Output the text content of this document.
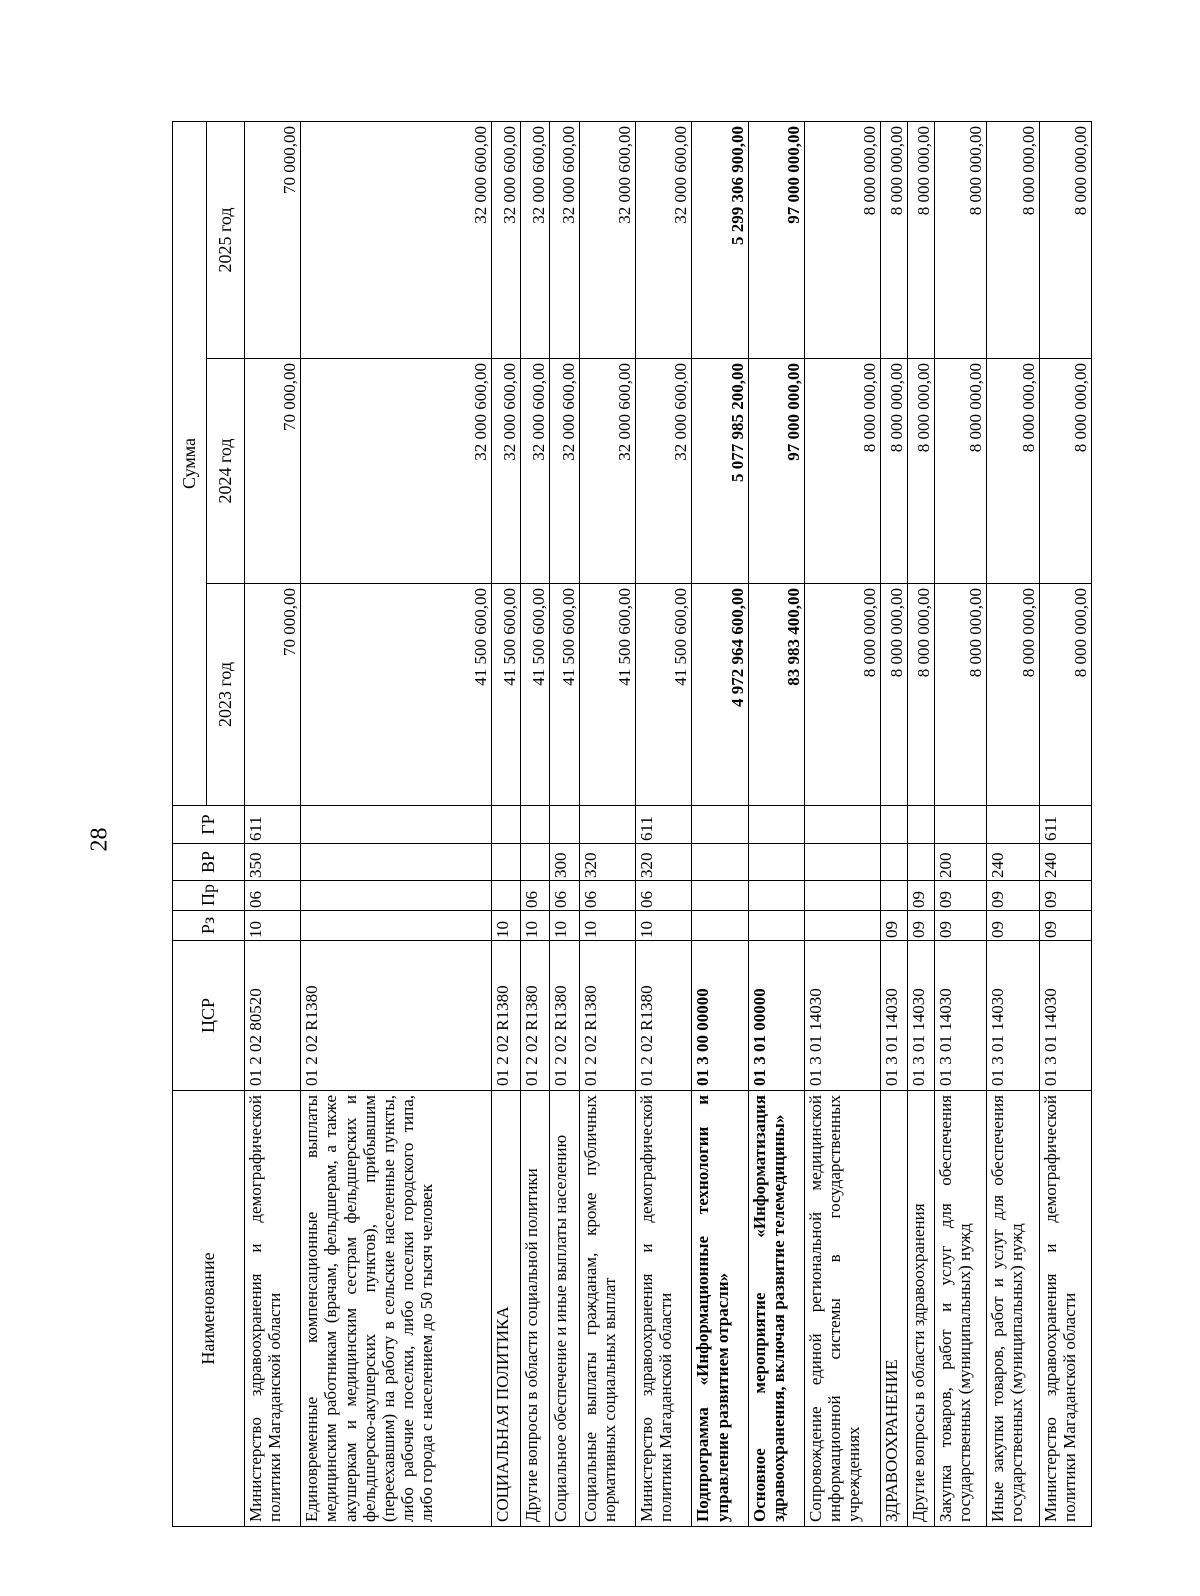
28
Наименование	ЦСР	Рз	Пр	ВР	ГР	Сумма		
						2023 год	2024 год	2025 год
Министерство здравоохранения и демографической политики Магаданской области	01 2 02 80520	10	06	350	611	70 000,00	70 000,00	70 000,00
Единовременные компенсационные выплаты медицинским работникам (врачам, фельдшерам, а также акушеркам и медицинским сестрам фельдшерских и фельдшерско-акушерских пунктов), прибывшим (переехавшим) на работу в сельские населенные пункты, либо рабочие поселки, либо поселки городского типа, либо города с населением до 50 тысяч человек	01 2 02 R1380					41 500 600,00	32 000 600,00	32 000 600,00
СОЦИАЛЬНАЯ ПОЛИТИКА	01 2 02 R1380	10				41 500 600,00	32 000 600,00	32 000 600,00
Другие вопросы в области социальной политики	01 2 02 R1380	10	06			41 500 600,00	32 000 600,00	32 000 600,00
Социальное обеспечение и иные выплаты населению	01 2 02 R1380	10	06	300		41 500 600,00	32 000 600,00	32 000 600,00
Социальные выплаты гражданам, кроме публичных нормативных социальных выплат	01 2 02 R1380	10	06	320		41 500 600,00	32 000 600,00	32 000 600,00
Министерство здравоохранения и демографической политики Магаданской области	01 2 02 R1380	10	06	320	611	41 500 600,00	32 000 600,00	32 000 600,00
Подпрограмма «Информационные технологии и управление развитием отрасли»	01 3 00 00000					4 972 964 600,00	5 077 985 200,00	5 299 306 900,00
Основное мероприятие «Информатизация здравоохранения, включая развитие телемедицины»	01 3 01 00000					83 983 400,00	97 000 000,00	97 000 000,00
Сопровождение единой региональной медицинской информационной системы в государственных учреждениях	01 3 01 14030					8 000 000,00	8 000 000,00	8 000 000,00
ЗДРАВООХРАНЕНИЕ	01 3 01 14030	09				8 000 000,00	8 000 000,00	8 000 000,00
Другие вопросы в области здравоохранения	01 3 01 14030	09	09			8 000 000,00	8 000 000,00	8 000 000,00
Закупка товаров, работ и услуг для обеспечения государственных (муниципальных) нужд	01 3 01 14030	09	09	200		8 000 000,00	8 000 000,00	8 000 000,00
Иные закупки товаров, работ и услуг для обеспечения государственных (муниципальных) нужд	01 3 01 14030	09	09	240		8 000 000,00	8 000 000,00	8 000 000,00
Министерство здравоохранения и демографической политики Магаданской области	01 3 01 14030	09	09	240	611	8 000 000,00	8 000 000,00	8 000 000,00
